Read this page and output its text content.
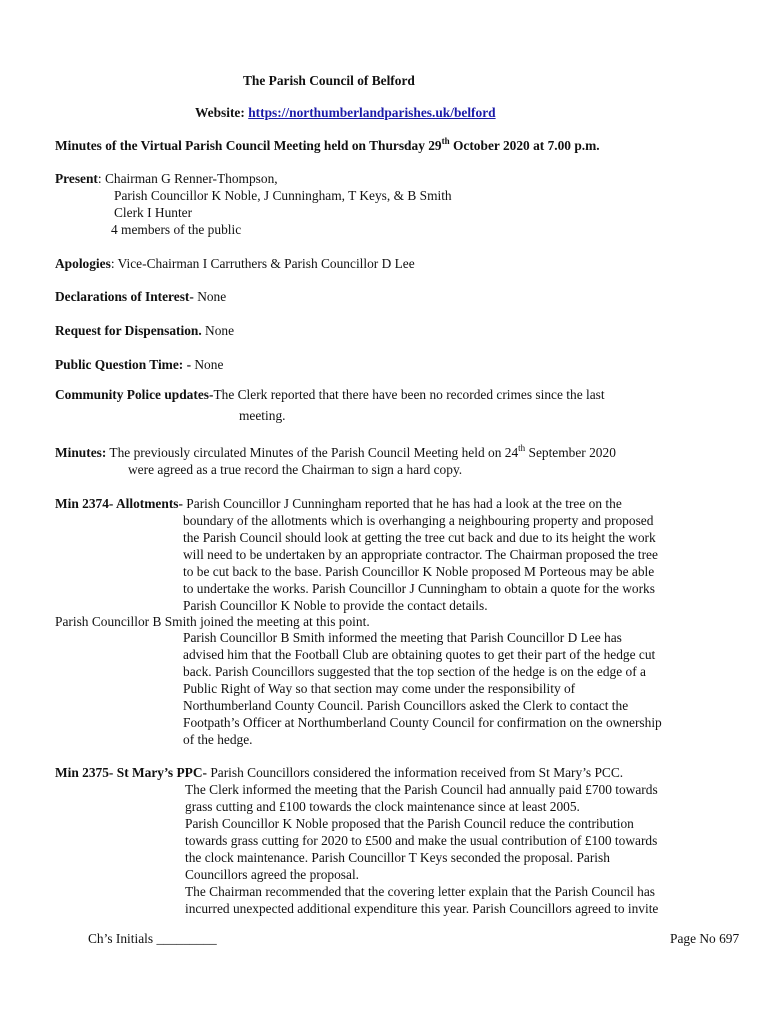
The Parish Council of Belford
Website: https://northumberlandparishes.uk/belford
Minutes of the Virtual Parish Council Meeting held on Thursday 29th October 2020 at 7.00 p.m.
Present: Chairman G Renner-Thompson,
Parish Councillor K Noble, J Cunningham, T Keys, & B Smith
Clerk I Hunter
4 members of the public
Apologies: Vice-Chairman I Carruthers & Parish Councillor D Lee
Declarations of Interest- None
Request for Dispensation. None
Public Question Time: - None
Community Police updates-The Clerk reported that there have been no recorded crimes since the last
meeting.
Minutes: The previously circulated Minutes of the Parish Council Meeting held on 24th September 2020
were agreed as a true record the Chairman to sign a hard copy.
Min 2374- Allotments- Parish Councillor J Cunningham reported that he has had a look at the tree on the
boundary of the allotments which is overhanging a neighbouring property and proposed
the Parish Council should look at getting the tree cut back and due to its height the work
will need to be undertaken by an appropriate contractor. The Chairman proposed the tree
to be cut back to the base. Parish Councillor K Noble proposed M Porteous may be able
to undertake the works. Parish Councillor J Cunningham to obtain a quote for the works
Parish Councillor K Noble to provide the contact details.
Parish Councillor B Smith joined the meeting at this point.
Parish Councillor B Smith informed the meeting that Parish Councillor D Lee has
advised him that the Football Club are obtaining quotes to get their part of the hedge cut
back. Parish Councillors suggested that the top section of the hedge is on the edge of a
Public Right of Way so that section may come under the responsibility of
Northumberland County Council. Parish Councillors asked the Clerk to contact the
Footpath’s Officer at Northumberland County Council for confirmation on the ownership
of the hedge.
Min 2375- St Mary’s PPC- Parish Councillors considered the information received from St Mary’s PCC.
The Clerk informed the meeting that the Parish Council had annually paid £700 towards
grass cutting and £100 towards the clock maintenance since at least 2005.
Parish Councillor K Noble proposed that the Parish Council reduce the contribution
towards grass cutting for 2020 to £500 and make the usual contribution of £100 towards
the clock maintenance. Parish Councillor T Keys seconded the proposal. Parish
Councillors agreed the proposal.
The Chairman recommended that the covering letter explain that the Parish Council has
incurred unexpected additional expenditure this year. Parish Councillors agreed to invite
Ch’s Initials _________	Page No 697
